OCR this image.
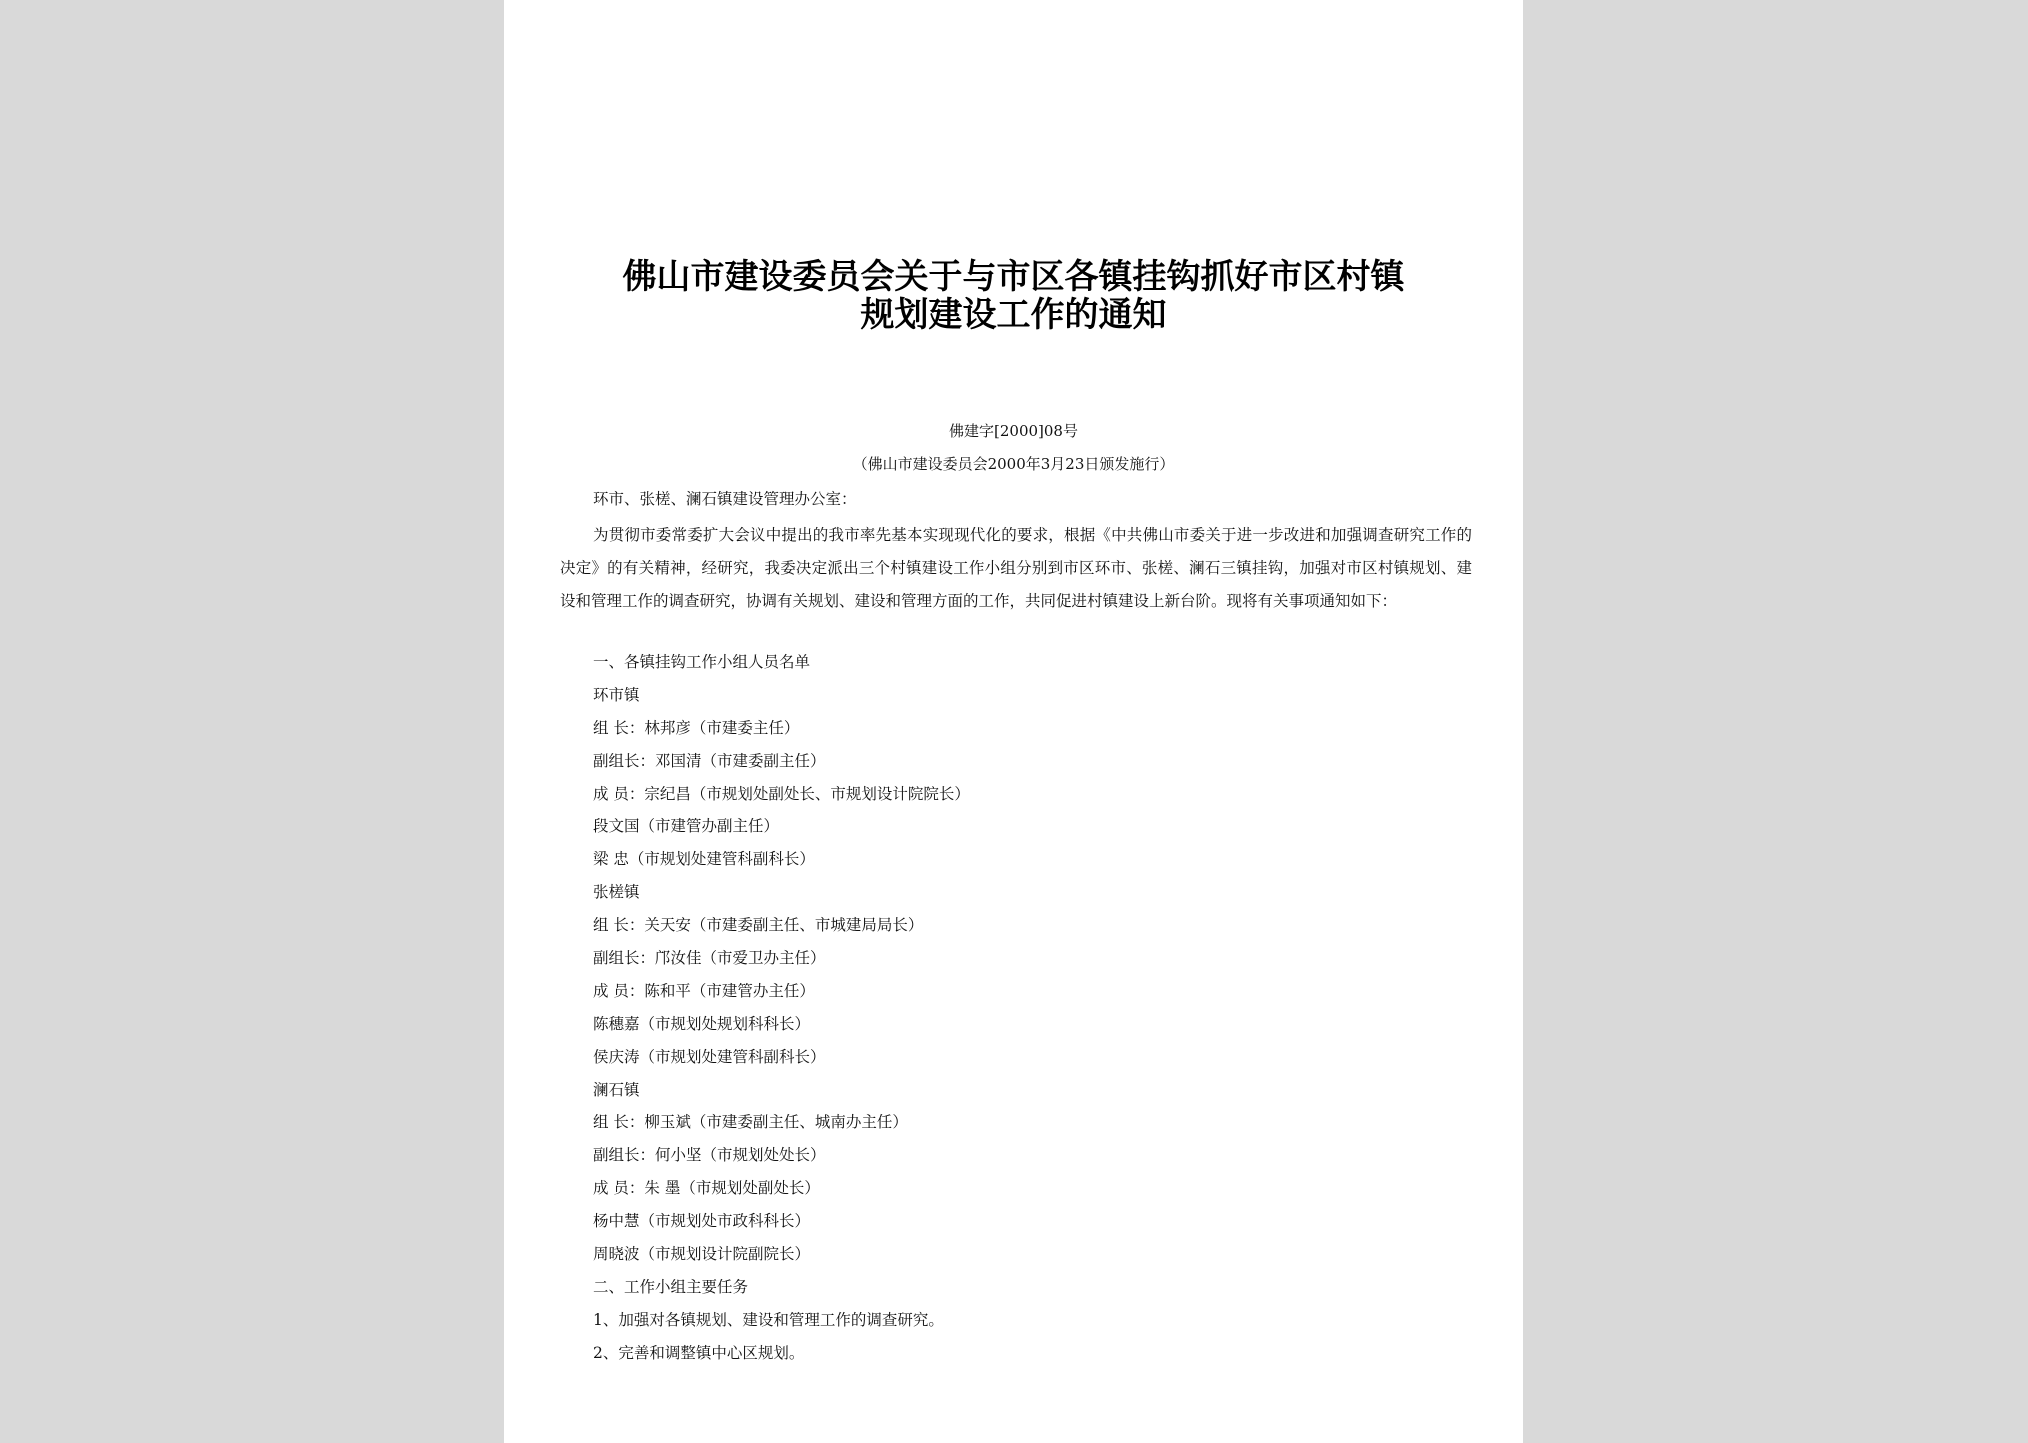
佛山市建设委员会关于与市区各镇挂钩抓好市区村镇
规划建设工作的通知
佛建字[2000]08号
（佛山市建设委员会2000年3月23日颁发施行）
环市、张槎、澜石镇建设管理办公室：
为贯彻市委常委扩大会议中提出的我市率先基本实现现代化的要求，根据《中共佛山市委关于进一步改进和加强调查研究工作的决定》的有关精神，经研究，我委决定派出三个村镇建设工作小组分别到市区环市、张槎、澜石三镇挂钩，加强对市区村镇规划、建设和管理工作的调查研究，协调有关规划、建设和管理方面的工作，共同促进村镇建设上新台阶。现将有关事项通知如下：
一、各镇挂钩工作小组人员名单
环市镇
组 长：林邦彦（市建委主任）
副组长：邓国清（市建委副主任）
成 员：宗纪昌（市规划处副处长、市规划设计院院长）
段文国（市建管办副主任）
梁 忠（市规划处建管科副科长）
张槎镇
组 长：关天安（市建委副主任、市城建局局长）
副组长：邝汝佳（市爱卫办主任）
成 员：陈和平（市建管办主任）
陈穗嘉（市规划处规划科科长）
侯庆涛（市规划处建管科副科长）
澜石镇
组 长：柳玉斌（市建委副主任、城南办主任）
副组长：何小坚（市规划处处长）
成 员：朱 墨（市规划处副处长）
杨中慧（市规划处市政科科长）
周晓波（市规划设计院副院长）
二、工作小组主要任务
1、加强对各镇规划、建设和管理工作的调查研究。
2、完善和调整镇中心区规划。
